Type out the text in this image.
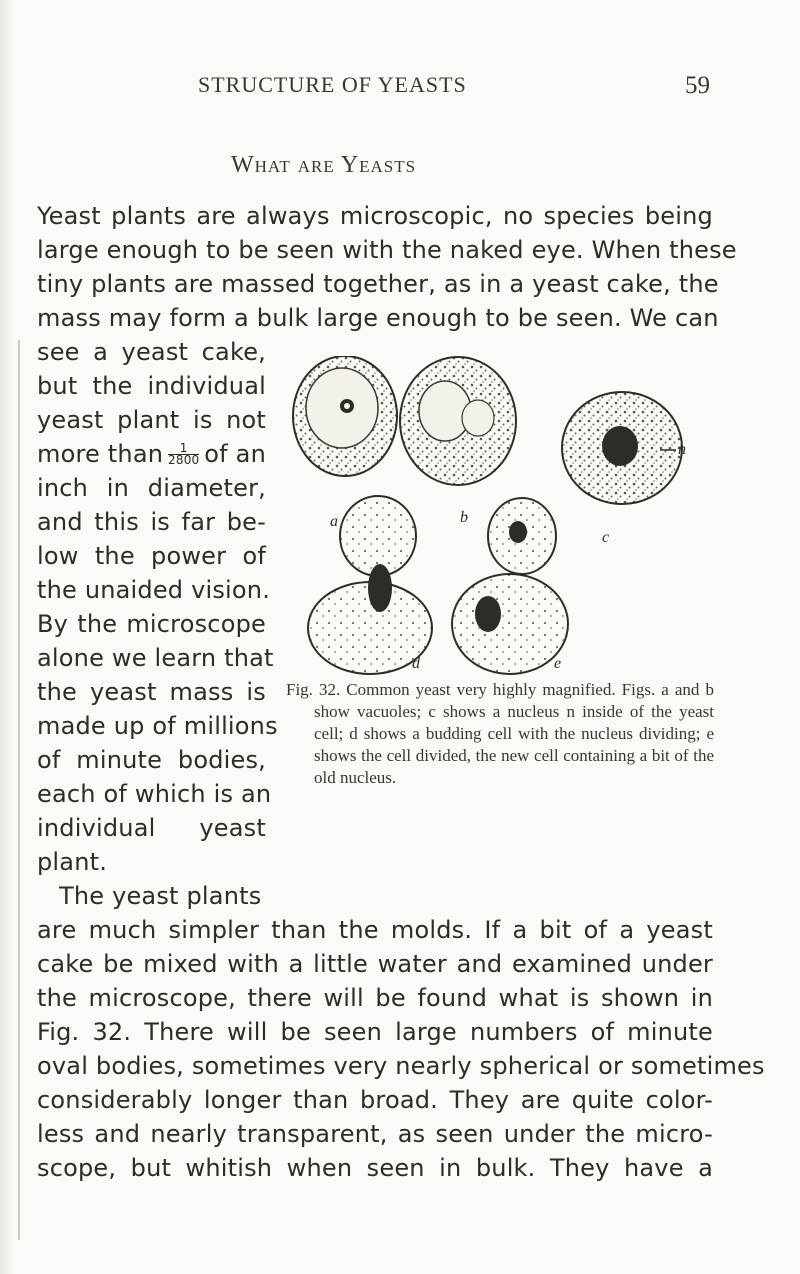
STRUCTURE OF YEASTS	59
What are Yeasts
Yeast plants are always microscopic, no species being
large enough to be seen with the naked eye. When these
tiny plants are massed together, as in a yeast cake, the
mass may form a bulk large enough to be seen. We can
see a yeast cake,
but the individual
yeast plant is not
more than $\frac{1}{2800}$ of an
inch in diameter,
and this is far be-
low the power of
the unaided vision.
By the microscope
alone we learn that
the yeast mass is
made up of millions
of minute bodies,
each of which is an
individual yeast
plant.
The yeast plants
are much simpler than the molds. If a bit of a yeast
cake be mixed with a little water and examined under
the microscope, there will be found what is shown in
Fig. 32. There will be seen large numbers of minute
oval bodies, sometimes very nearly spherical or sometimes
considerably longer than broad. They are quite color-
less and nearly transparent, as seen under the micro-
scope, but whitish when seen in bulk. They have a
a	b
c
d	e
n

Fig. 32. Common yeast very highly magnified. Figs. a and b show vacuoles; c shows a nucleus n inside of the yeast cell; d shows a budding cell with the nucleus dividing; e shows the cell divided, the new cell containing a bit of the old nucleus.
